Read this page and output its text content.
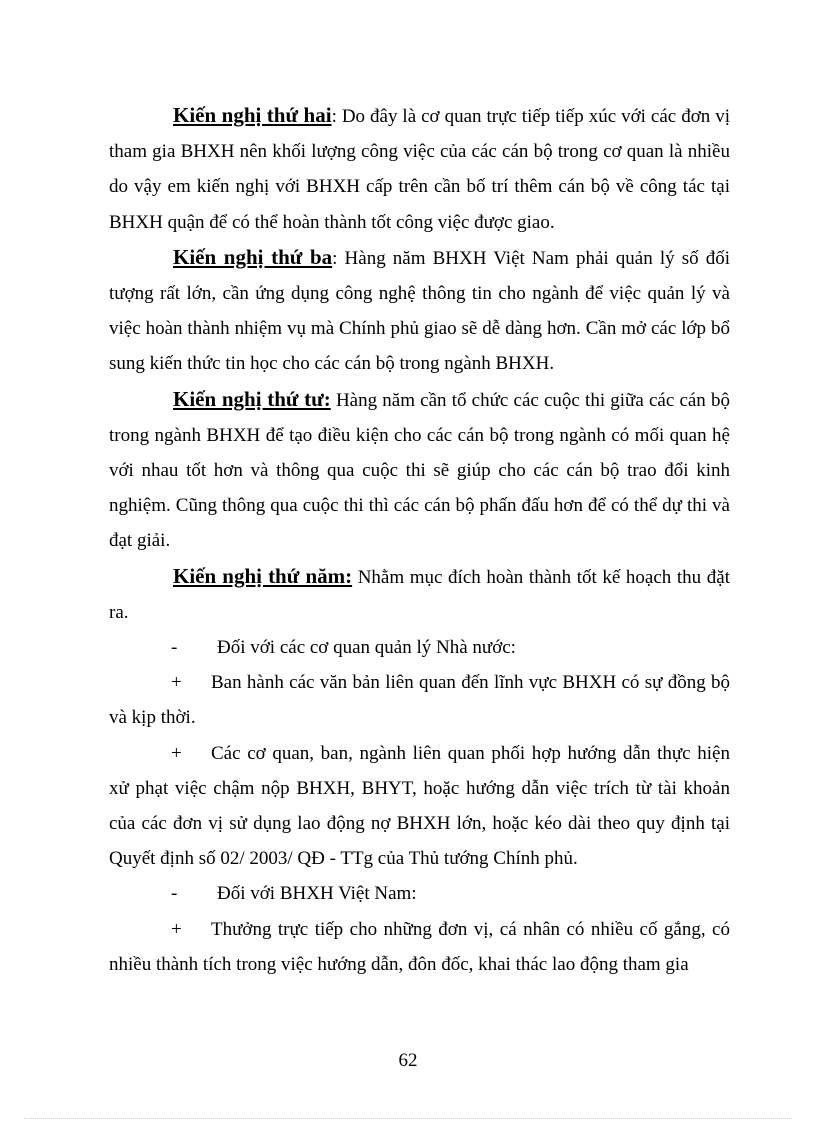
Kiến nghị thứ hai: Do đây là cơ quan trực tiếp tiếp xúc với các đơn vị tham gia BHXH nên khối lượng công việc của các cán bộ trong cơ quan là nhiều do vậy em kiến nghị với BHXH cấp trên cần bố trí thêm cán bộ về công tác tại BHXH quận để có thể hoàn thành tốt công việc được giao.

Kiến nghị thứ ba: Hàng năm BHXH Việt Nam phải quản lý số đối tượng rất lớn, cần ứng dụng công nghệ thông tin cho ngành để việc quản lý và việc hoàn thành nhiệm vụ mà Chính phủ giao sẽ dễ dàng hơn. Cần mở các lớp bổ sung kiến thức tin học cho các cán bộ trong ngành BHXH.

Kiến nghị thứ tư: Hàng năm cần tổ chức các cuộc thi giữa các cán bộ trong ngành BHXH để tạo điều kiện cho các cán bộ trong ngành có mối quan hệ với nhau tốt hơn và thông qua cuộc thi sẽ giúp cho các cán bộ trao đổi kinh nghiệm. Cũng thông qua cuộc thi thì các cán bộ phấn đấu hơn để có thể dự thi và đạt giải.

Kiến nghị thứ năm: Nhằm mục đích hoàn thành tốt kế hoạch thu đặt ra.

- Đối với các cơ quan quản lý Nhà nước:

+ Ban hành các văn bản liên quan đến lĩnh vực BHXH có sự đồng bộ và kịp thời.

+ Các cơ quan, ban, ngành liên quan phối hợp hướng dẫn thực hiện xử phạt việc chậm nộp BHXH, BHYT, hoặc hướng dẫn việc trích từ tài khoản của các đơn vị sử dụng lao động nợ BHXH lớn, hoặc kéo dài theo quy định tại Quyết định số 02/ 2003/ QĐ - TTg của Thủ tướng Chính phủ.

- Đối với BHXH Việt Nam:

+ Thưởng trực tiếp cho những đơn vị, cá nhân có nhiều cố gắng, có nhiều thành tích trong việc hướng dẫn, đôn đốc, khai thác lao động tham gia

62
